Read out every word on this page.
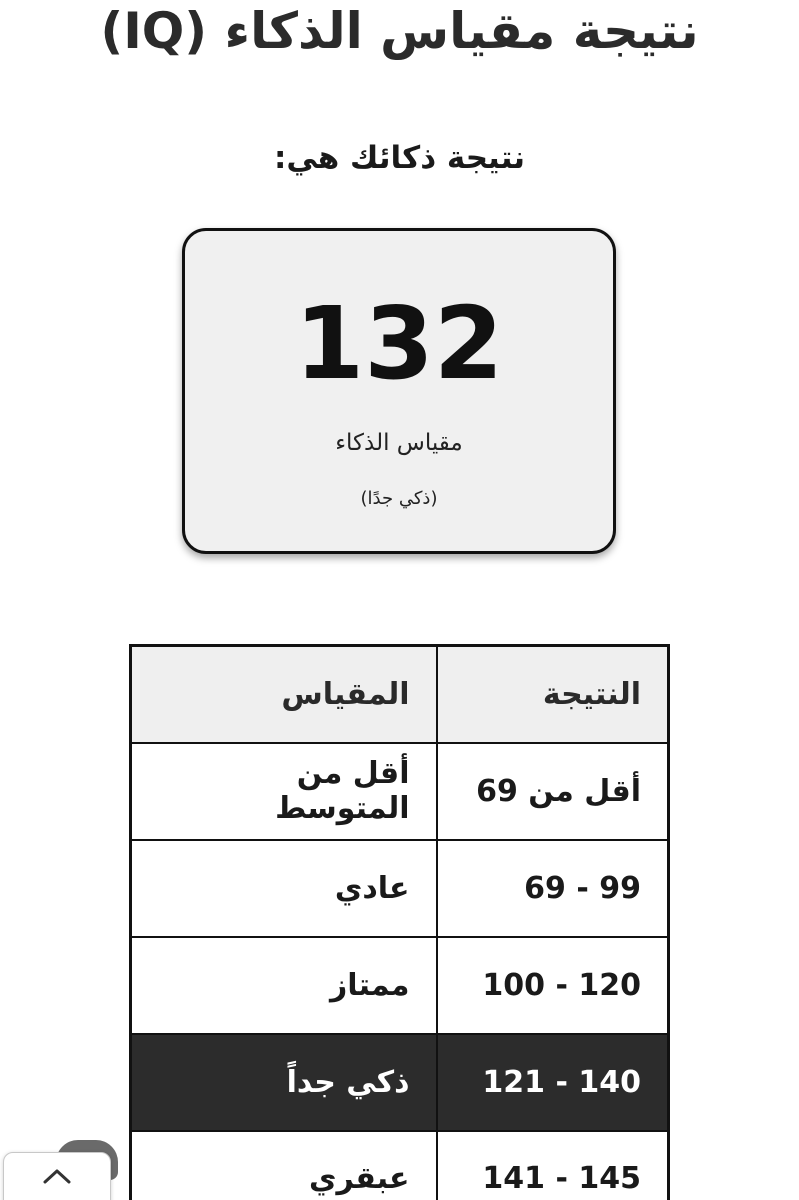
نتيجة مقياس الذكاء (IQ)
نتيجة ذكائك هي:
132
مقياس الذكاء
(ذكي جدًا)
النتيجة	المقياس
أقل من 69	أقل من المتوسط
69 - 99	عادي
100 - 120	ممتاز
121 - 140	ذكي جداً
141 - 145	عبقري
